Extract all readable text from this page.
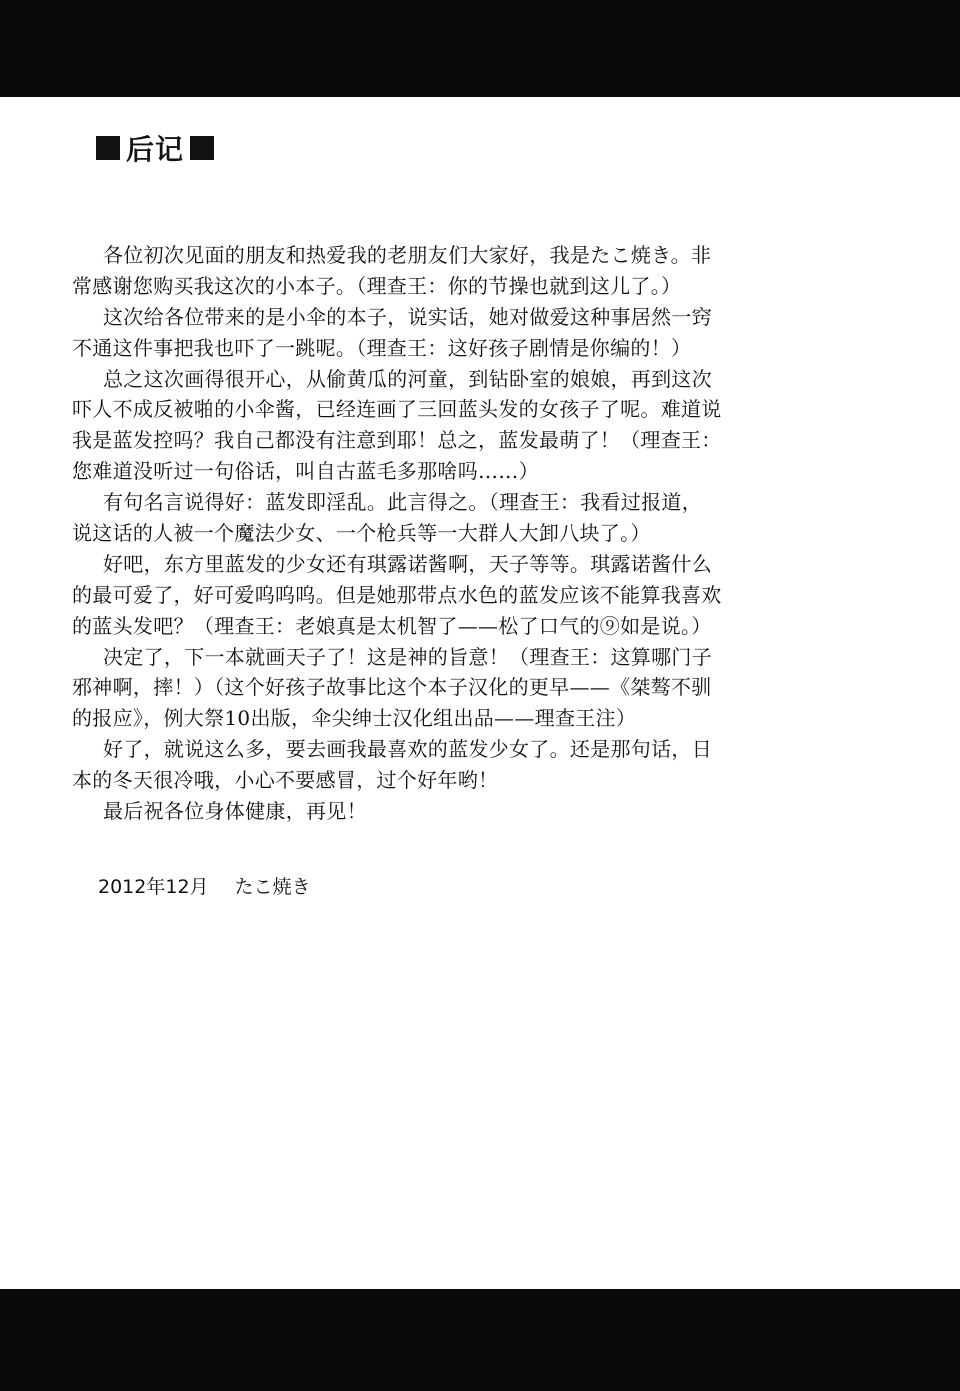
后记
各位初次见面的朋友和热爱我的老朋友们大家好，我是たこ焼き。非
常感谢您购买我这次的小本子。（理查王：你的节操也就到这儿了。）
这次给各位带来的是小伞的本子，说实话，她对做爱这种事居然一窍
不通这件事把我也吓了一跳呢。（理查王：这好孩子剧情是你编的！）
总之这次画得很开心，从偷黄瓜的河童，到钻卧室的娘娘，再到这次
吓人不成反被啪的小伞酱，已经连画了三回蓝头发的女孩子了呢。难道说
我是蓝发控吗？我自己都没有注意到耶！总之，蓝发最萌了！（理查王：
您难道没听过一句俗话，叫自古蓝毛多那啥吗……）
有句名言说得好：蓝发即淫乱。此言得之。（理查王：我看过报道，
说这话的人被一个魔法少女、一个枪兵等一大群人大卸八块了。）
好吧，东方里蓝发的少女还有琪露诺酱啊，天子等等。琪露诺酱什么
的最可爱了，好可爱呜呜呜。但是她那带点水色的蓝发应该不能算我喜欢
的蓝头发吧？（理查王：老娘真是太机智了——松了口气的⑨如是说。）
决定了，下一本就画天子了！这是神的旨意！（理查王：这算哪门子
邪神啊，摔！）（这个好孩子故事比这个本子汉化的更早——《桀骜不驯
的报应》，例大祭10出版，伞尖绅士汉化组出品——理查王注）
好了，就说这么多，要去画我最喜欢的蓝发少女了。还是那句话，日
本的冬天很冷哦，小心不要感冒，过个好年哟！
最后祝各位身体健康，再见！
2012年12月 たこ焼き
